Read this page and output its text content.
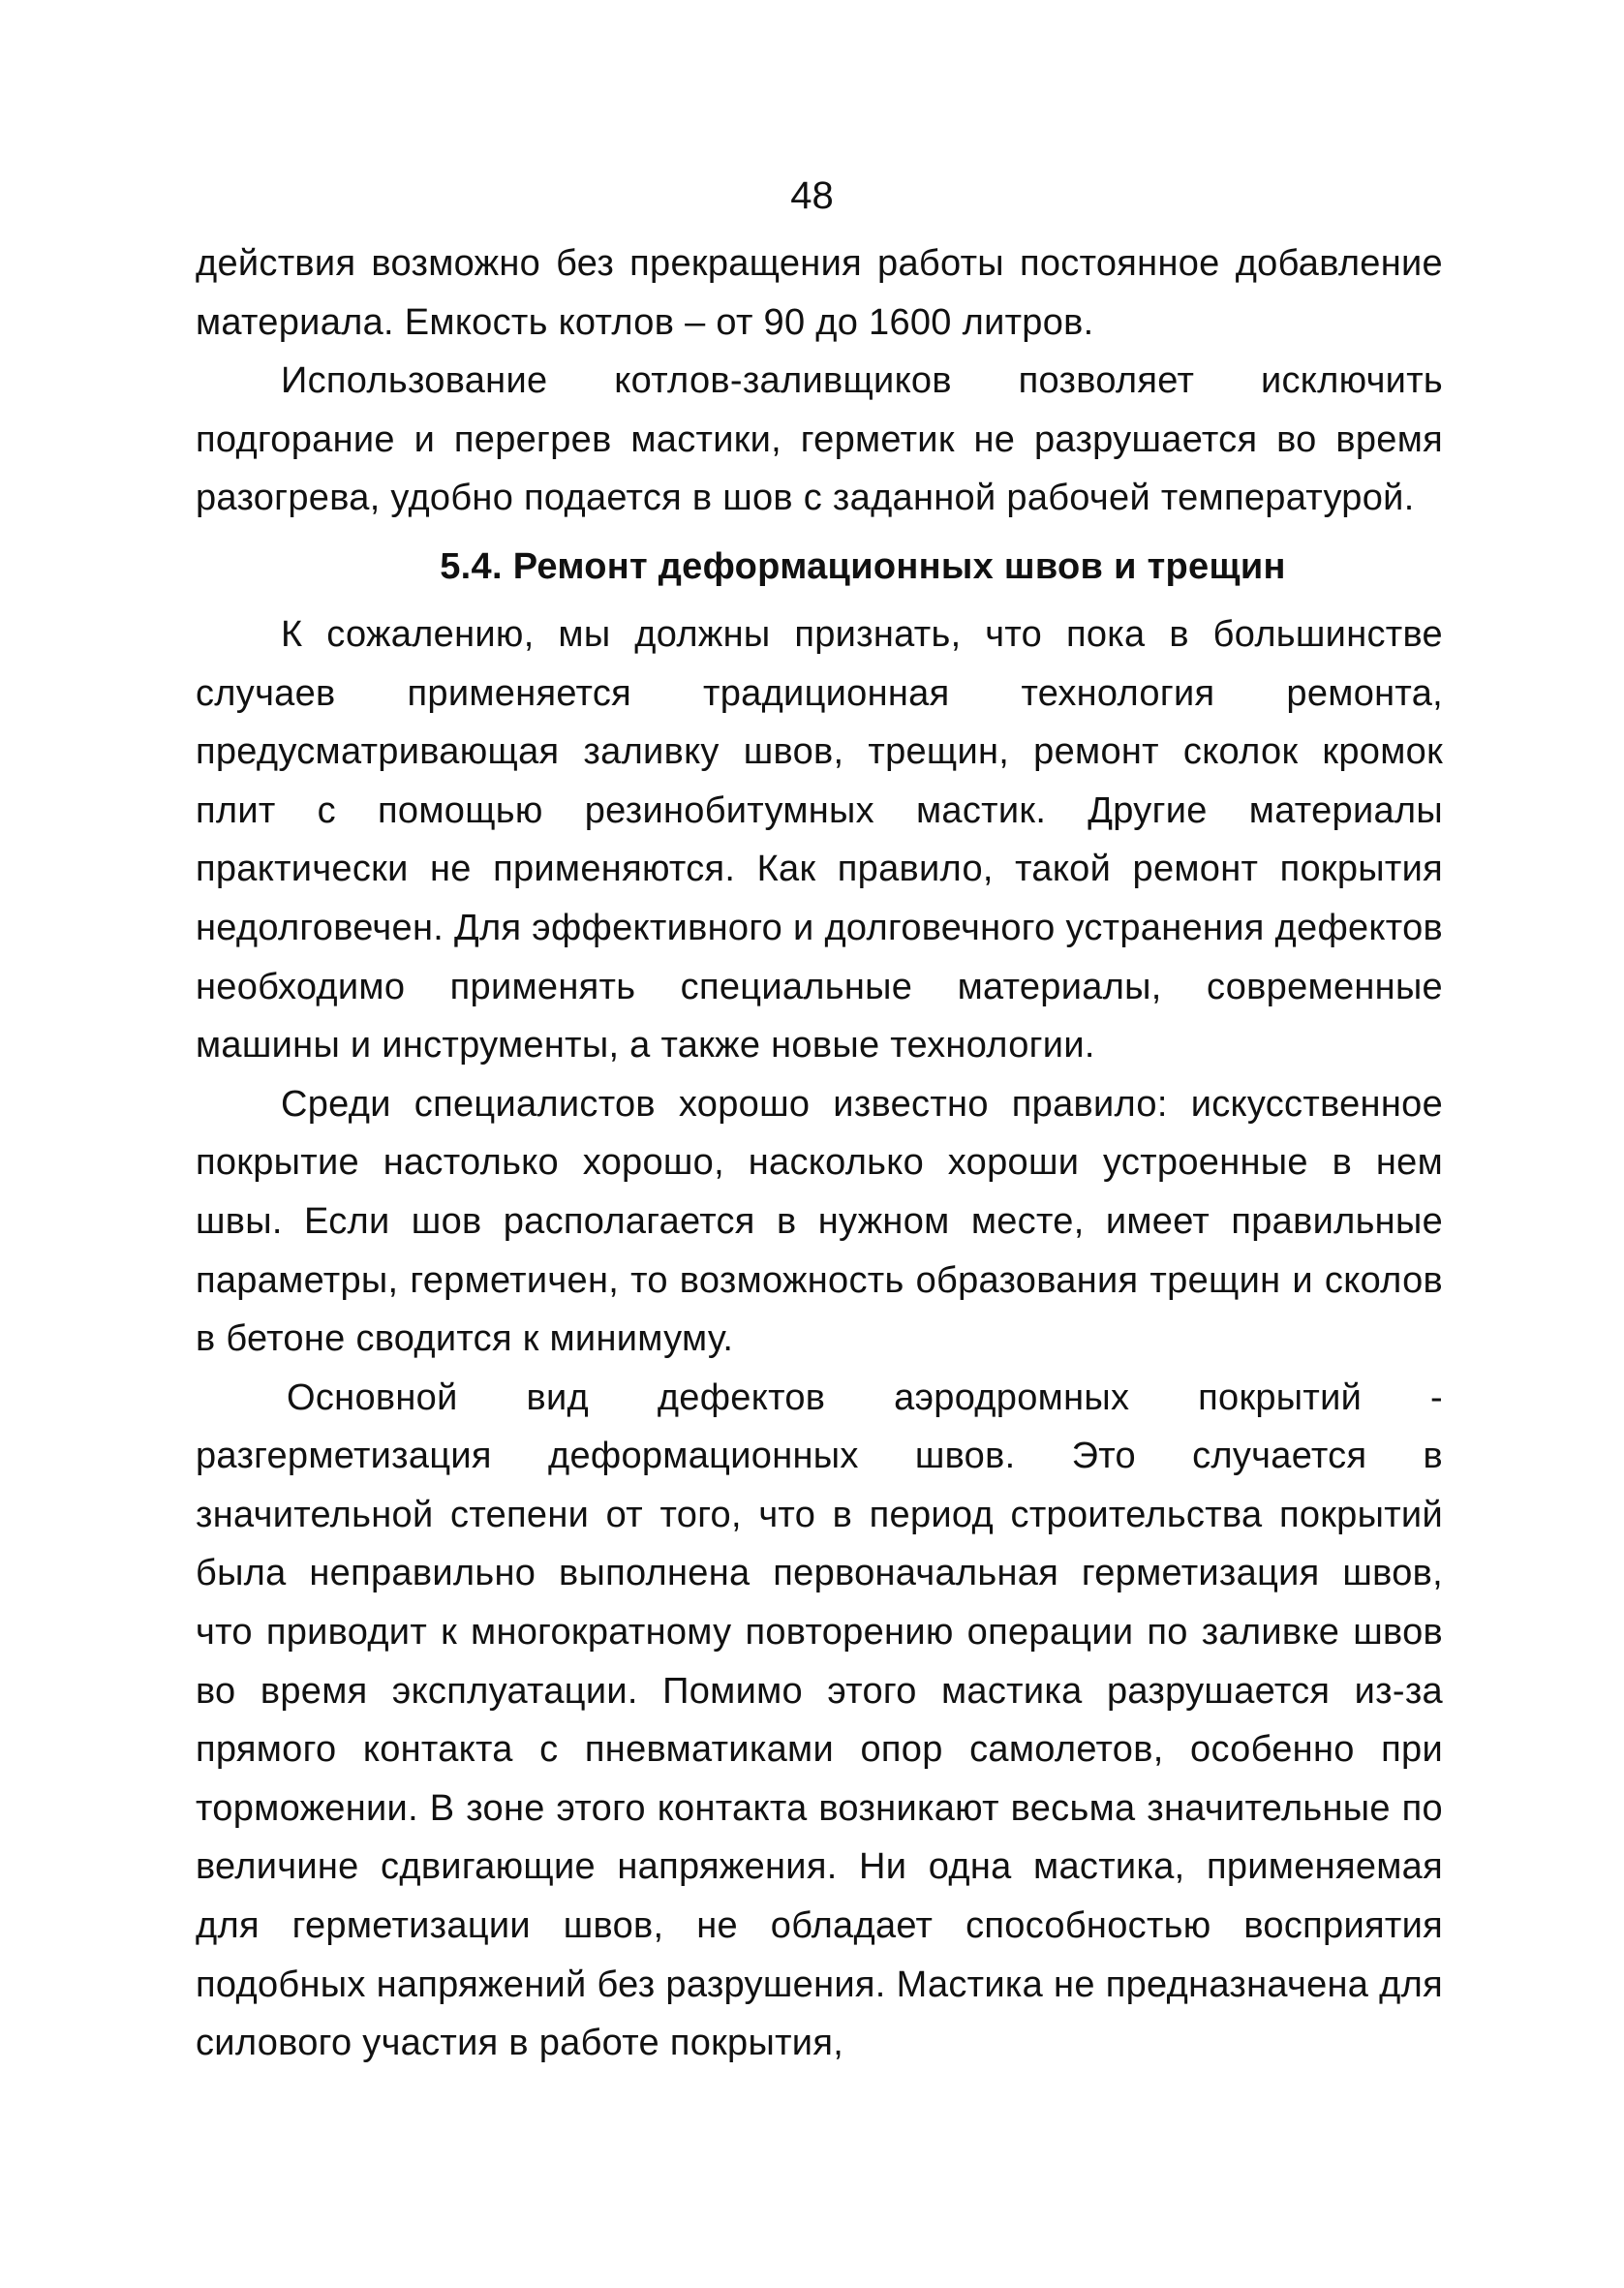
48

действия возможно без прекращения работы постоянное добавление материала. Емкость котлов – от 90 до 1600 литров.

Использование котлов-заливщиков позволяет исключить подгорание и перегрев мастики, герметик не разрушается во время разогрева, удобно подается в шов с заданной рабочей температурой.

5.4. Ремонт деформационных швов и трещин

К сожалению, мы должны признать, что пока в большинстве случаев применяется традиционная технология ремонта, предусматривающая заливку швов, трещин, ремонт сколок кромок плит с помощью резинобитумных мастик. Другие материалы практически не применяются. Как правило, такой ремонт покрытия недолговечен. Для эффективного и долговечного устранения дефектов необходимо применять специальные материалы, современные машины и инструменты, а также новые технологии.

Среди специалистов хорошо известно правило: искусственное покрытие настолько хорошо, насколько хороши устроенные в нем швы. Если шов располагается в нужном месте, имеет правильные параметры, герметичен, то возможность образования трещин и сколов в бетоне сводится к минимуму.

Основной вид дефектов аэродромных покрытий - разгерметизация деформационных швов. Это случается в значительной степени от того, что в период строительства покрытий была неправильно выполнена первоначальная герметизация швов, что приводит к многократному повторению операции по заливке швов во время эксплуатации. Помимо этого мастика разрушается из-за прямого контакта с пневматиками опор самолетов, особенно при торможении. В зоне этого контакта возникают весьма значительные по величине сдвигающие напряжения. Ни одна мастика, применяемая для герметизации швов, не обладает способностью восприятия подобных напряжений без разрушения. Мастика не предназначена для силового участия в работе покрытия,
